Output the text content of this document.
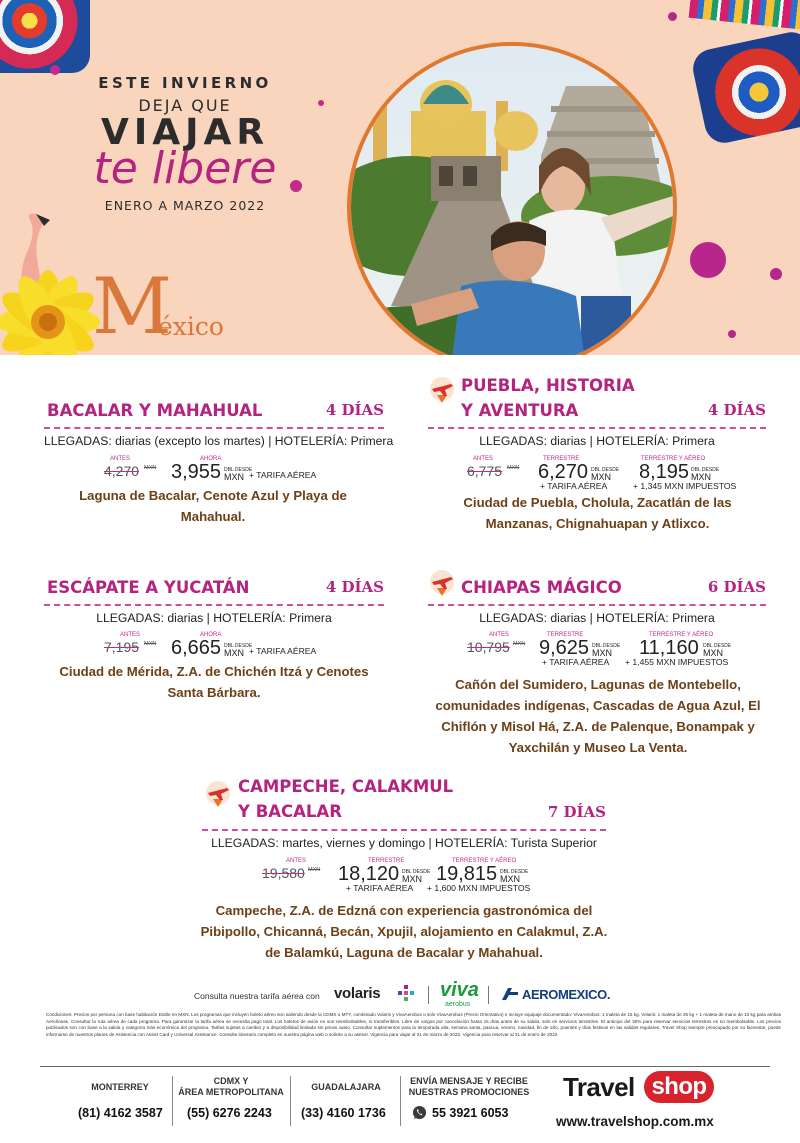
ESTE INVIERNO
DEJA QUE
VIAJAR
te libere
ENERO A MARZO 2022
M
éxico
BACALAR Y MAHAHUAL	4 DÍAS
LLEGADAS: diarias (excepto los martes) | HOTELERÍA: Primera
ANTES
4,270 MXN
AHORA
3,955 DBL DESDE
MXN + TARIFA AÉREA
Laguna de Bacalar, Cenote Azul y Playa de Mahahual.
PUEBLA, HISTORIA
Y AVENTURA	4 DÍAS
LLEGADAS: diarias | HOTELERÍA: Primera
ANTES
6,775 MXN
TERRESTRE
6,270 DBL DESDE
MXN
+ TARIFA AÉREA
TERRESTRE Y AÉREO
8,195 DBL DESDE
MXN
+ 1,345 MXN IMPUESTOS
Ciudad de Puebla, Cholula, Zacatlán de las Manzanas, Chignahuapan y Atlixco.
ESCÁPATE A YUCATÁN	4 DÍAS
LLEGADAS: diarias | HOTELERÍA: Primera
ANTES
7,195 MXN
AHORA
6,665 DBL DESDE
MXN + TARIFA AÉREA
Ciudad de Mérida, Z.A. de Chichén Itzá y Cenotes Santa Bárbara.
CHIAPAS MÁGICO	6 DÍAS
LLEGADAS: diarias | HOTELERÍA: Primera
ANTES
10,795 MXN
TERRESTRE
9,625 DBL DESDE
MXN
+ TARIFA AÉREA
TERRESTRE Y AÉREO
11,160 DBL DESDE
MXN
+ 1,455 MXN IMPUESTOS
Cañón del Sumidero, Lagunas de Montebello, comunidades indígenas, Cascadas de Agua Azul, El Chiflón y Misol Há, Z.A. de Palenque, Bonampak y Yaxchilán y Museo La Venta.
CAMPECHE, CALAKMUL
Y BACALAR	7 DÍAS
LLEGADAS: martes, viernes y domingo | HOTELERÍA: Turista Superior
ANTES
19,580 MXN
TERRESTRE
18,120 DBL DESDE
MXN
+ TARIFA AÉREA
TERRESTRE Y AÉREO
19,815 DBL DESDE
MXN
+ 1,600 MXN IMPUESTOS
Campeche, Z.A. de Edzná con experiencia gastronómica del Pibipollo, Chicanná, Becán, Xpujil, alojamiento en Calakmul, Z.A. de Balamkú, Laguna de Bacalar y Mahahual.
Consulta nuestra tarifa aérea con volaris	viva
aerobus
AEROMEXICO.
Condiciones: Precios por persona con base habitación Doble en MXN. Los programas que incluyen boleto aéreo son saliendo desde la CDMX o MTY, combinado Volaris y VivaAerobus o solo VivaAerobus (Precio Orientativo) e incluye equipaje documentado: VivaAerobus: 1 maleta de 15 kg. Volaris: 1 maleta de 25 kg + 1 maleta de mano de 10 kg para ambas Aerolíneas. Consultar la ruta aérea de cada programa. Para garantizar la tarifa aérea se necesita pago total. Los boletos de avión no son reembolsables, ni transferibles. Libre de cargos por cancelación hasta 15 días antes de su salida, solo en servicios terrestres. El anticipo del 30% para reservar servicios terrestres es no reembolsable. Los precios publicados son con base a la salida y categoría más económica del programa. Tarifas sujetas a cambio y a disponibilidad limitada sin previo aviso. Consultar suplementos para la temporada alta, semana santa, pascua, verano, navidad, fin de año, puentes y días festivos en las salidas regulares. Travel Shop siempre preocupado por su bienestar, puede informarse de nuestros planes de Asistencia con Assist Card y Universal Assistance. Consulte itinerario completo en nuestra página web o solicite a su asesor. Vigencia para viajar al 31 de marzo de 2022. Vigencia para reservar al 31 de enero de 2022.
MONTERREY
(81) 4162 3587
CDMX Y
ÁREA METROPOLITANA
(55) 6276 2243
GUADALAJARA
(33) 4160 1736
ENVÍA MENSAJE Y RECIBE
NUESTRAS PROMOCIONES
55 3921 6053
Travel shop
www.travelshop.com.mx
